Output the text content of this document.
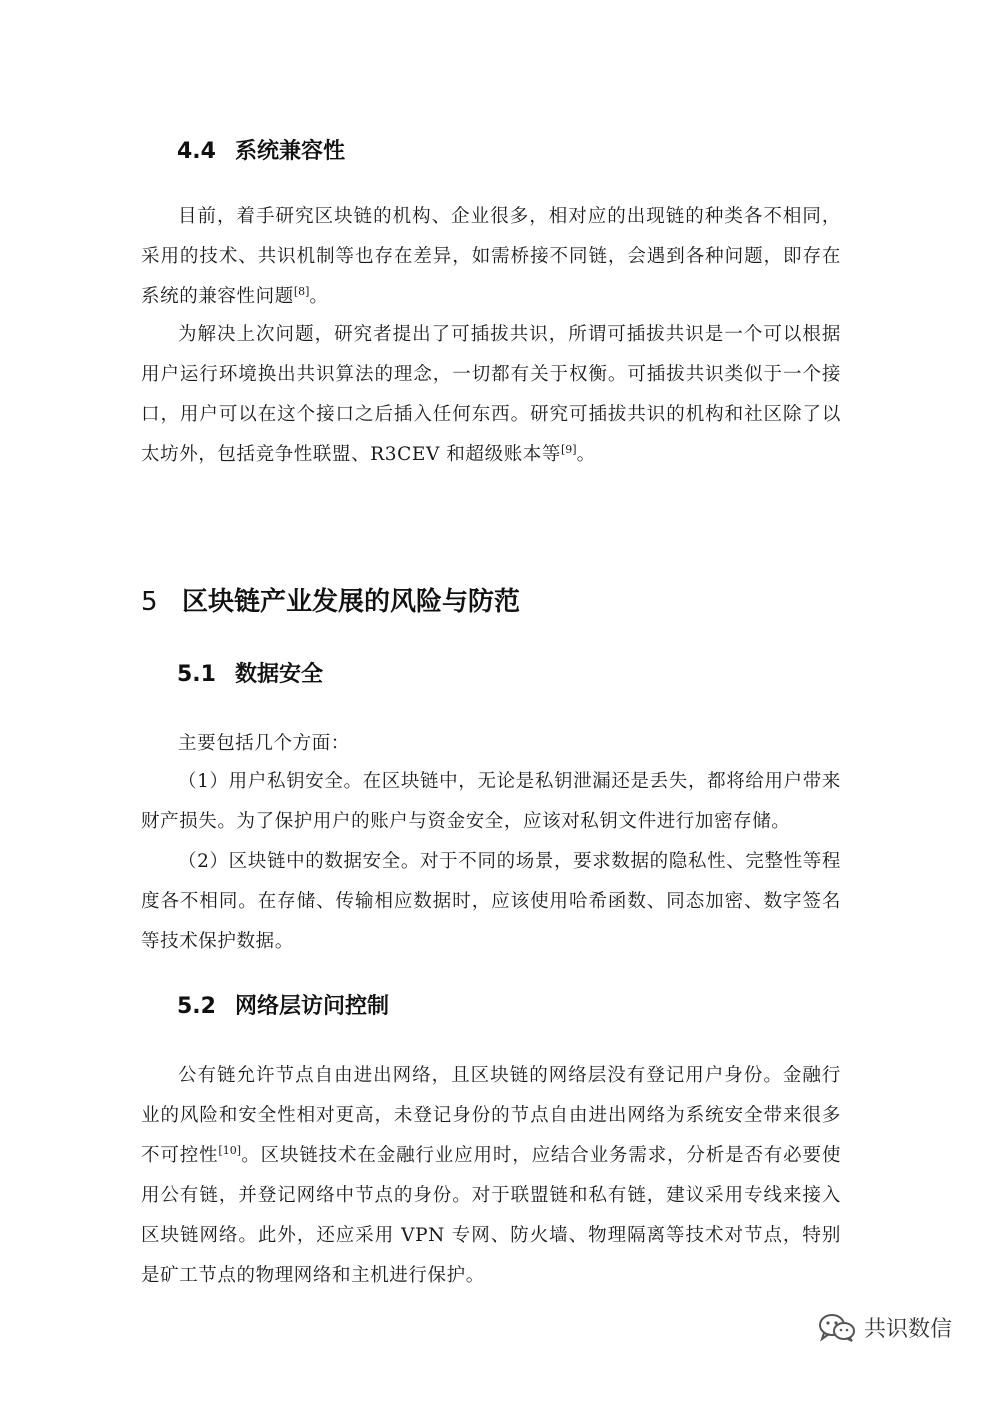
4.4 系统兼容性

目前，着手研究区块链的机构、企业很多，相对应的出现链的种类各不相同，采用的技术、共识机制等也存在差异，如需桥接不同链，会遇到各种问题，即存在系统的兼容性问题[8]。

为解决上次问题，研究者提出了可插拔共识，所谓可插拔共识是一个可以根据用户运行环境换出共识算法的理念，一切都有关于权衡。可插拔共识类似于一个接口，用户可以在这个接口之后插入任何东西。研究可插拔共识的机构和社区除了以太坊外，包括竞争性联盟、R3CEV 和超级账本等[9]。

5 区块链产业发展的风险与防范
5.1 数据安全

主要包括几个方面：

（1）用户私钥安全。在区块链中，无论是私钥泄漏还是丢失，都将给用户带来财产损失。为了保护用户的账户与资金安全，应该对私钥文件进行加密存储。

（2）区块链中的数据安全。对于不同的场景，要求数据的隐私性、完整性等程度各不相同。在存储、传输相应数据时，应该使用哈希函数、同态加密、数字签名等技术保护数据。

5.2 网络层访问控制

公有链允许节点自由进出网络，且区块链的网络层没有登记用户身份。金融行业的风险和安全性相对更高，未登记身份的节点自由进出网络为系统安全带来很多不可控性[10]。区块链技术在金融行业应用时，应结合业务需求，分析是否有必要使用公有链，并登记网络中节点的身份。对于联盟链和私有链，建议采用专线来接入区块链网络。此外，还应采用 VPN 专网、防火墙、物理隔离等技术对节点，特别是矿工节点的物理网络和主机进行保护。

共识数信
